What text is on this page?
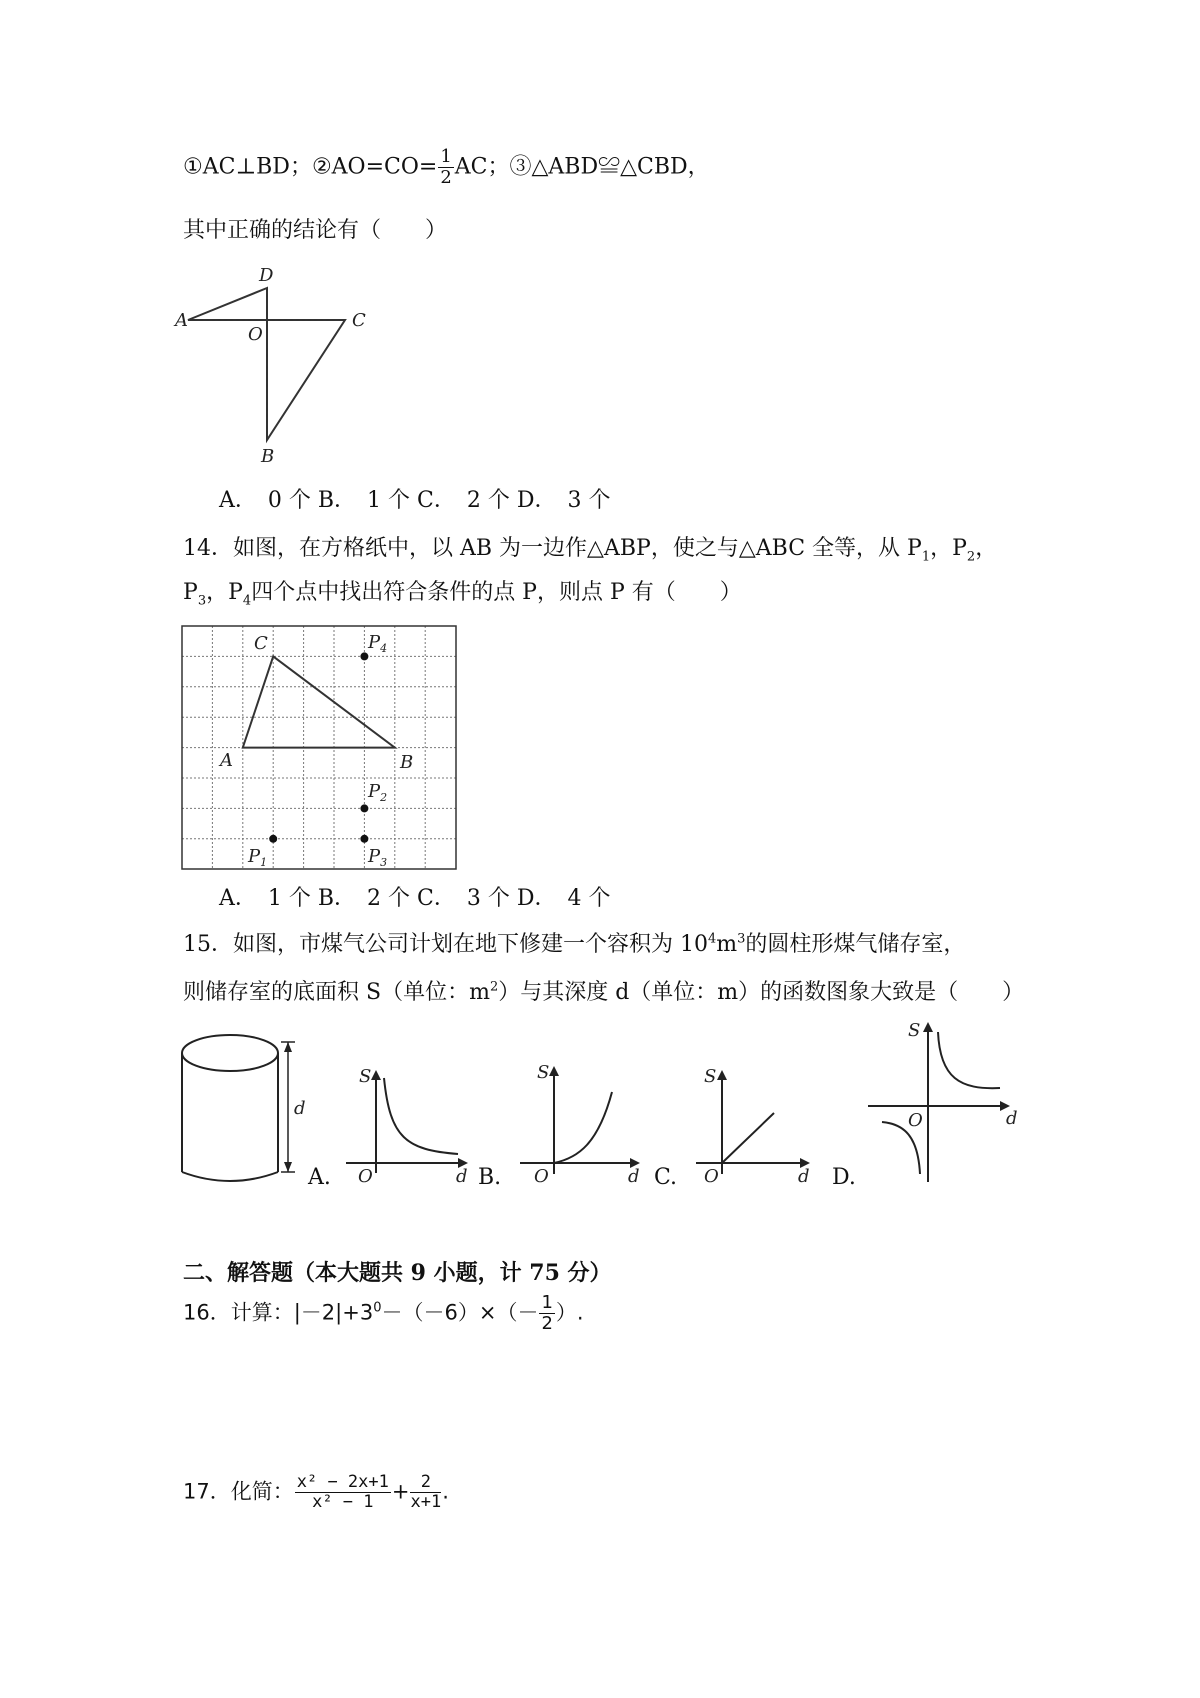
①AC⊥BD；②AO=CO= $\frac{1}{2}$ AC；③△ABD≌△CBD，
其中正确的结论有（　　）
D
A
O
C
B
A．　0 个 B．　1 个 C．　2 个 D．　3 个
14．如图，在方格纸中，以 AB 为一边作△ABP，使之与△ABC 全等，从 $P_1$，$P_2$，
$P_3$，$P_4$四个点中找出符合条件的点 P，则点 P 有（　　）
C
A	B
$P_4$
$P_2$
$P_1$	$P_3$
A．　1 个 B．　2 个 C．　3 个 D．　4 个
15．如图，市煤气公司计划在地下修建一个容积为 $10^4m^3$的圆柱形煤气储存室，
则储存室的底面积 S（单位：$m^2$）与其深度 d（单位：m）的函数图象大致是（　　）
d
A.
S
O	d B.
S
O	d C.
S
O	d D.
S
O	d
二、解答题（本大题共 9 小题，计 75 分）
16．计算：$|-2|+3^0-(-6)\times(- \frac{1}{2}$ ）.
17．化简： $\frac{\text{x² − 2x+1}}{\text{x² − 1}} + \frac{2}{x+1}$ .
